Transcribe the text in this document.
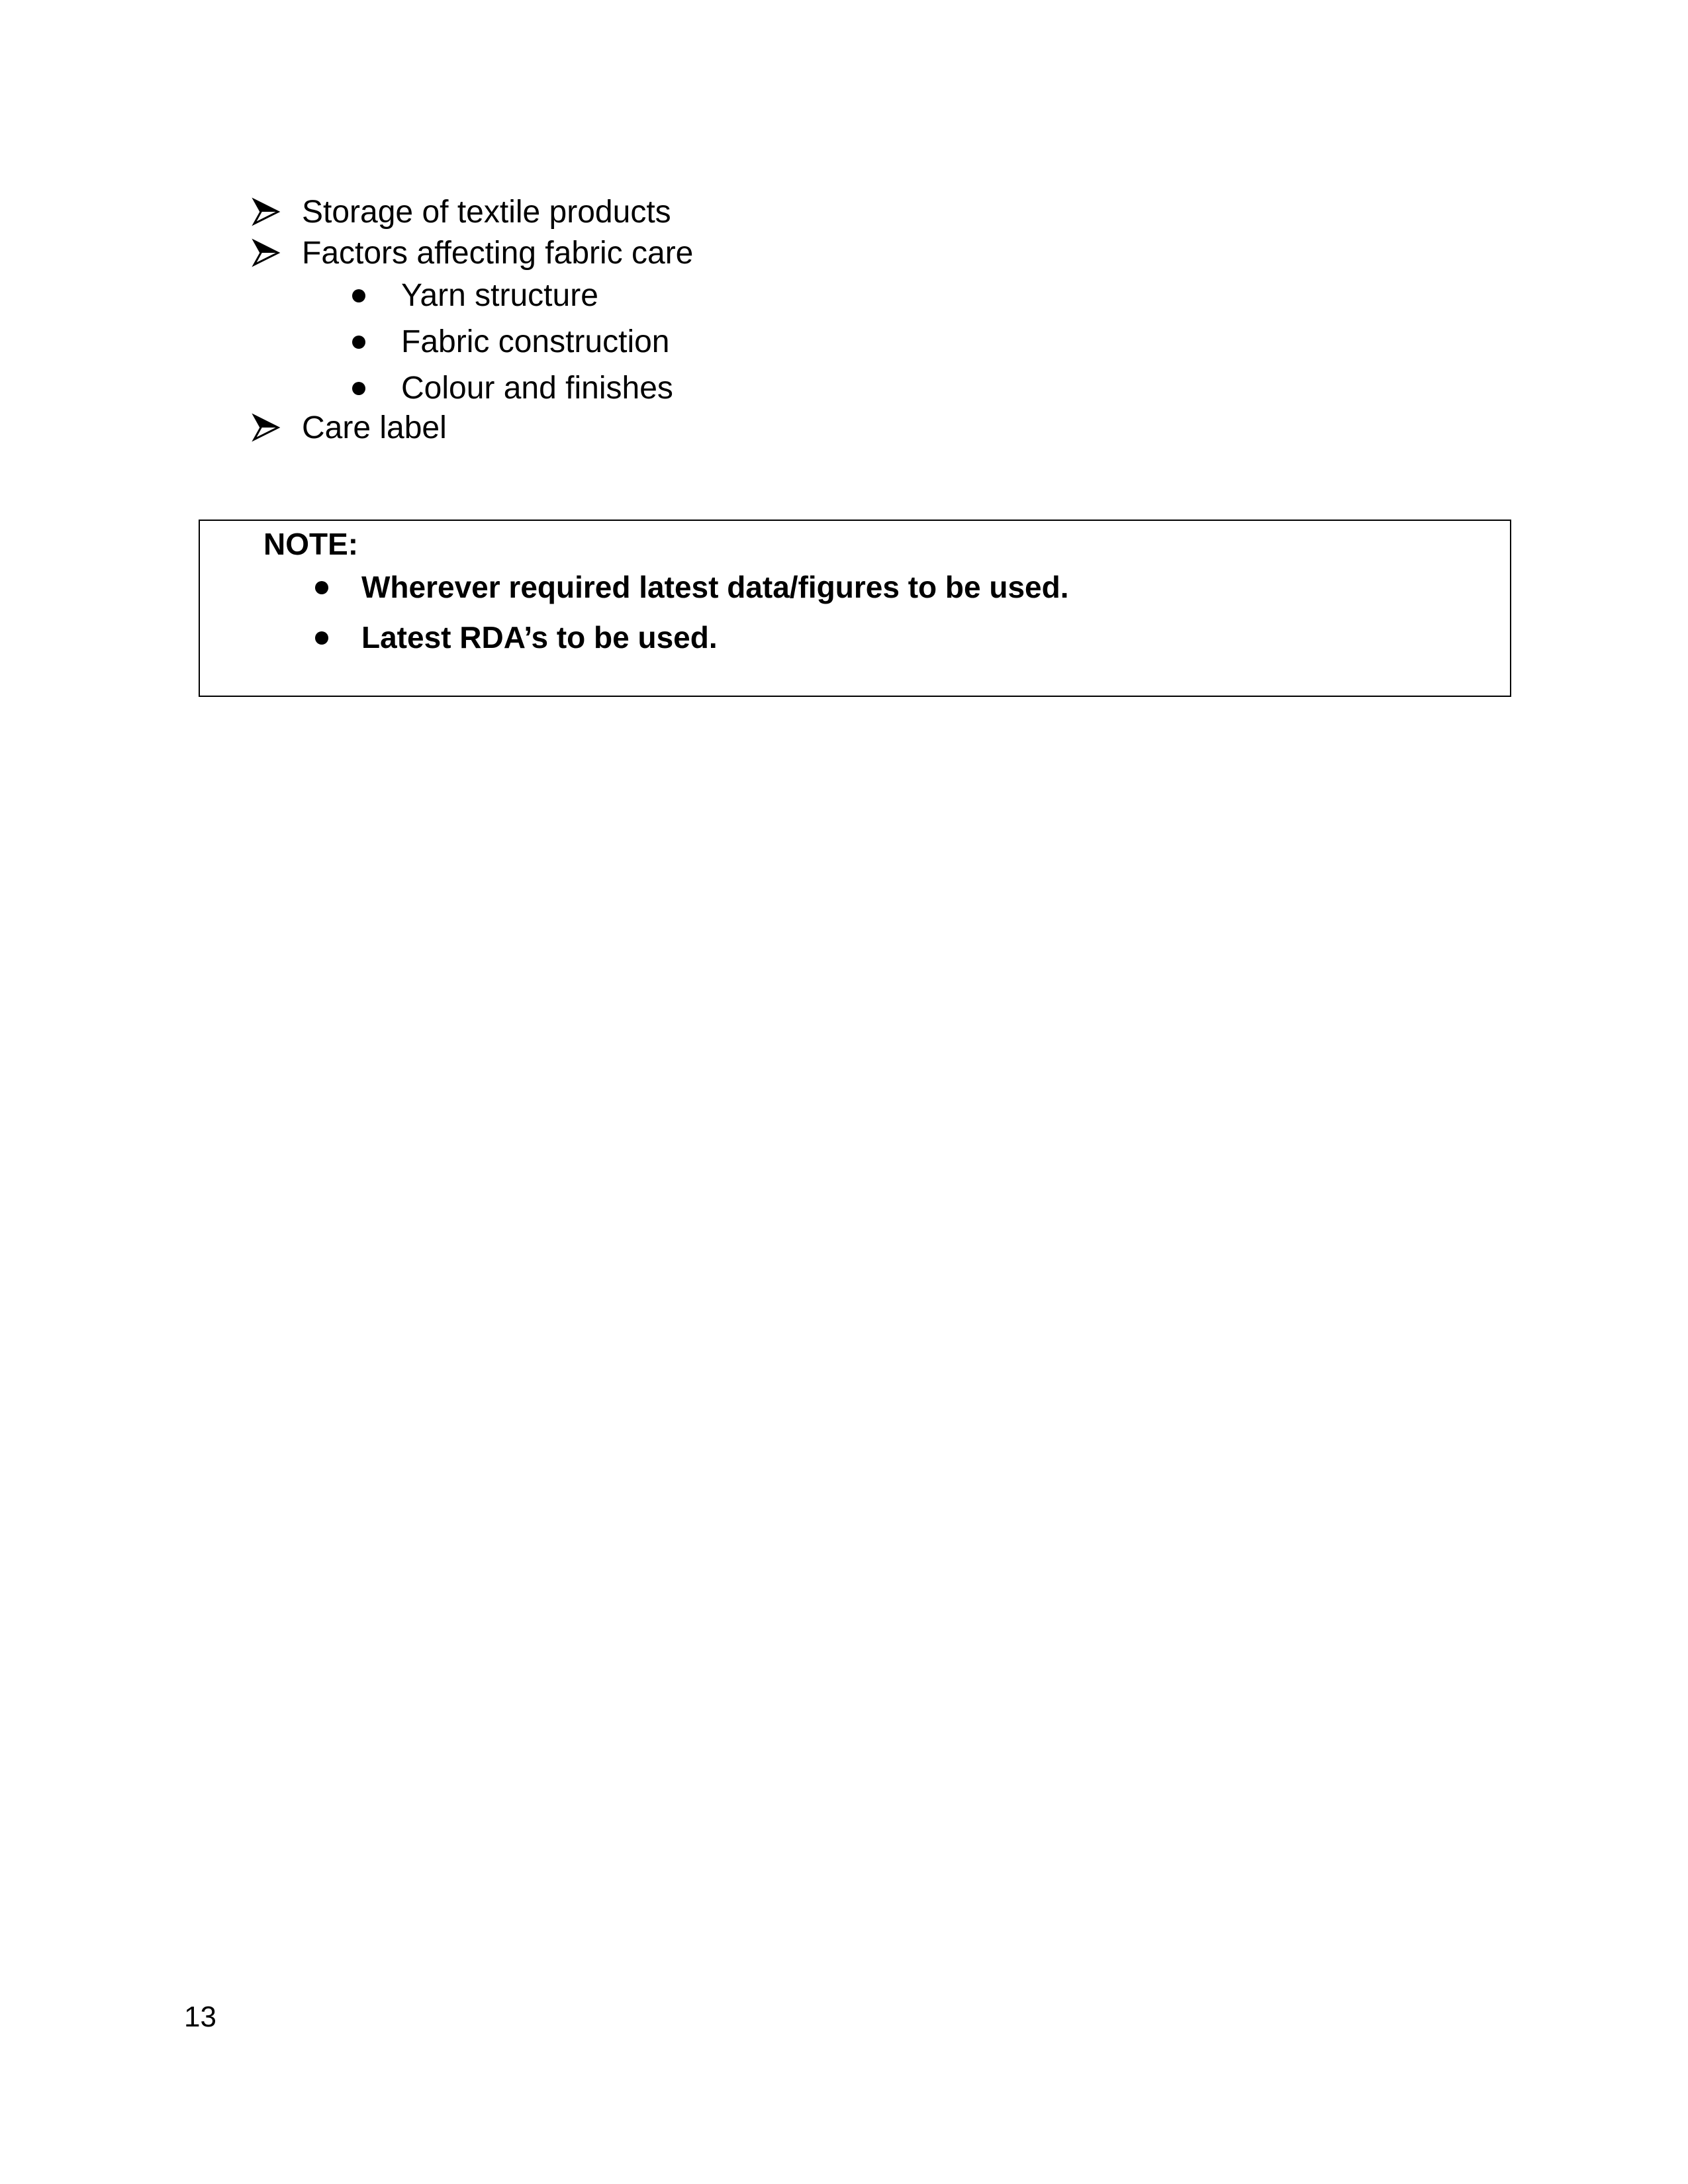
Storage of textile products
Factors affecting fabric care
Yarn structure
Fabric construction
Colour and finishes
Care label
NOTE:
Wherever required latest data/figures to be used.
Latest RDA’s to be used.
13
